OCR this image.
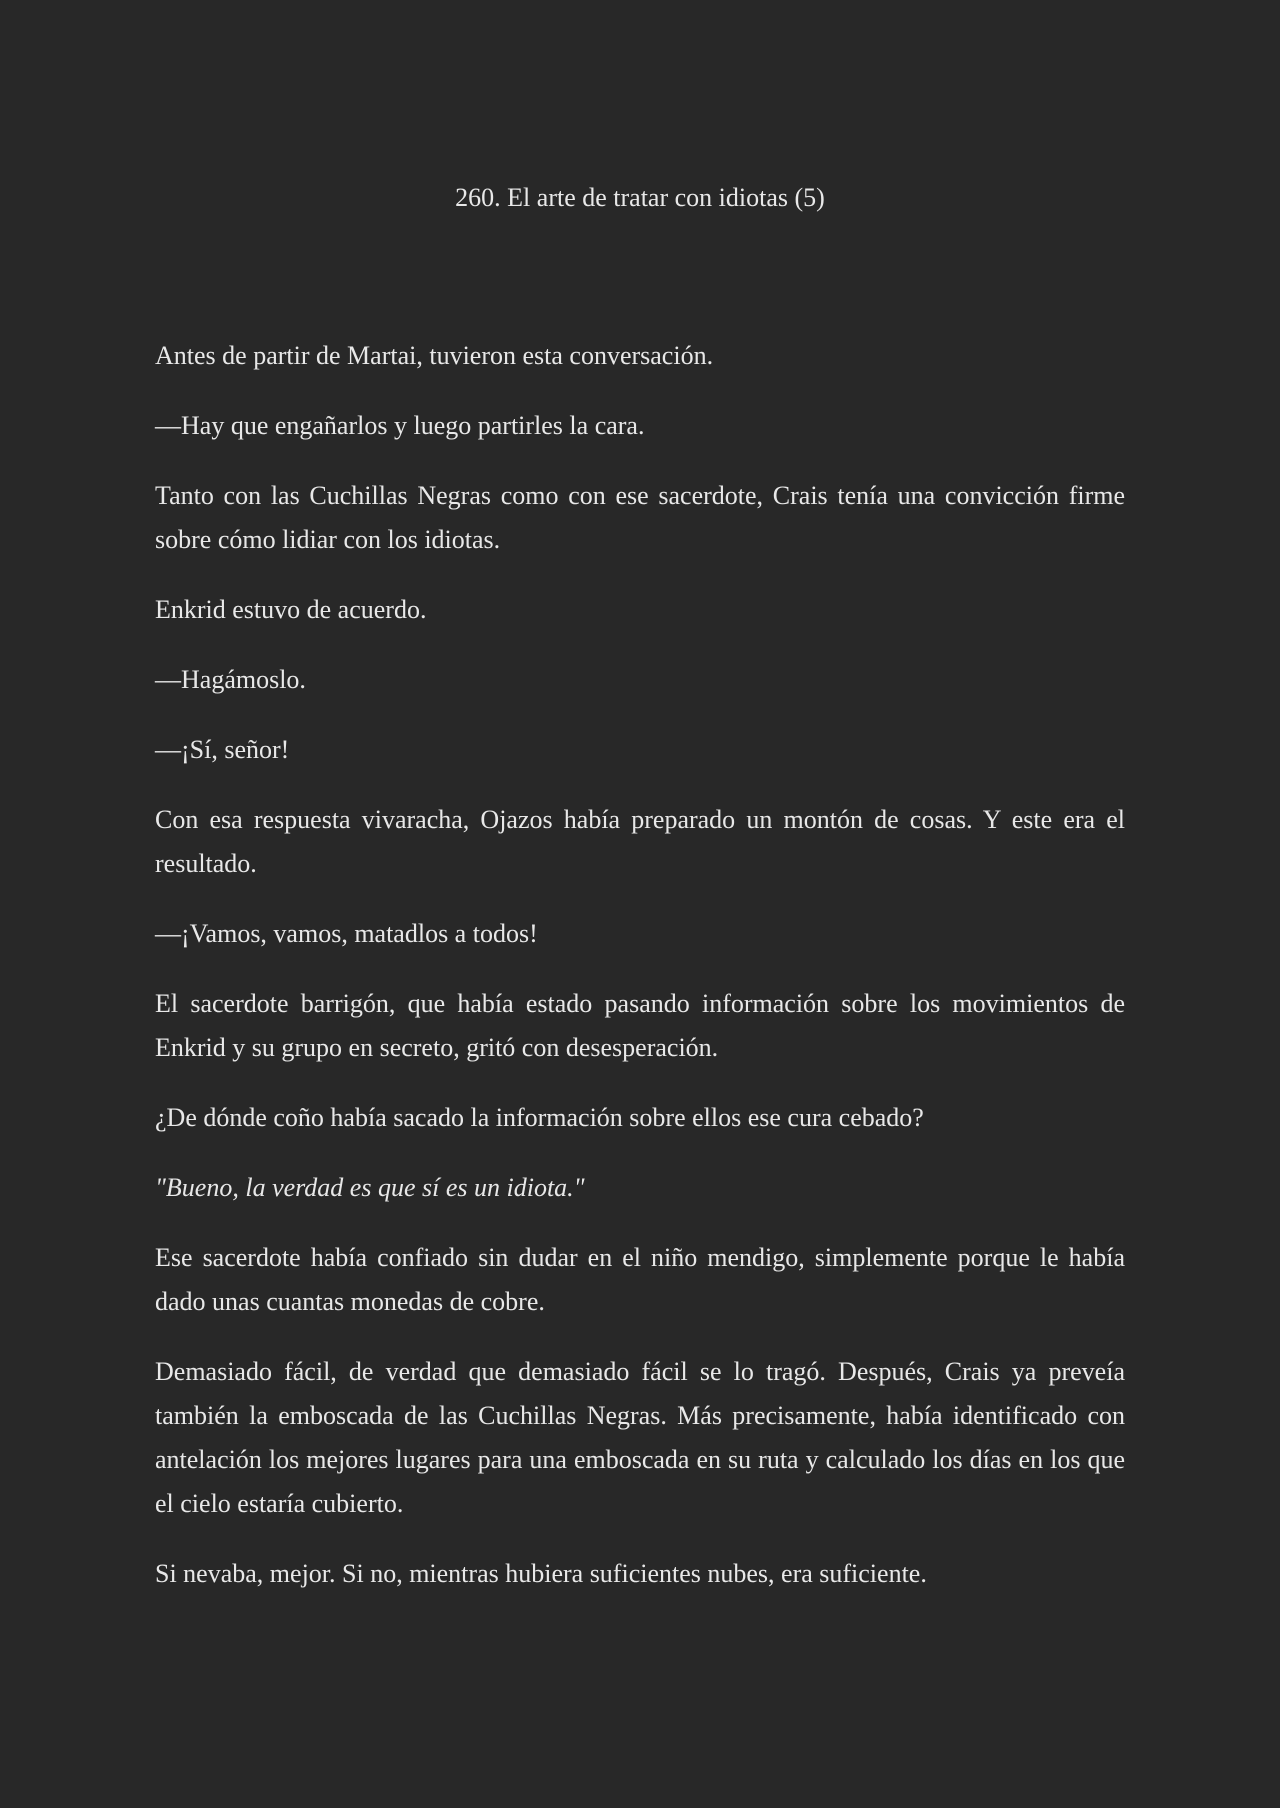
260. El arte de tratar con idiotas (5)

Antes de partir de Martai, tuvieron esta conversación.

—Hay que engañarlos y luego partirles la cara.

Tanto con las Cuchillas Negras como con ese sacerdote, Crais tenía una convicción firme sobre cómo lidiar con los idiotas.

Enkrid estuvo de acuerdo.

—Hagámoslo.

—¡Sí, señor!

Con esa respuesta vivaracha, Ojazos había preparado un montón de cosas. Y este era el resultado.

—¡Vamos, vamos, matadlos a todos!

El sacerdote barrigón, que había estado pasando información sobre los movimientos de Enkrid y su grupo en secreto, gritó con desesperación.

¿De dónde coño había sacado la información sobre ellos ese cura cebado?

"Bueno, la verdad es que sí es un idiota."

Ese sacerdote había confiado sin dudar en el niño mendigo, simplemente porque le había dado unas cuantas monedas de cobre.

Demasiado fácil, de verdad que demasiado fácil se lo tragó. Después, Crais ya preveía también la emboscada de las Cuchillas Negras. Más precisamente, había identificado con antelación los mejores lugares para una emboscada en su ruta y calculado los días en los que el cielo estaría cubierto.

Si nevaba, mejor. Si no, mientras hubiera suficientes nubes, era suficiente.
